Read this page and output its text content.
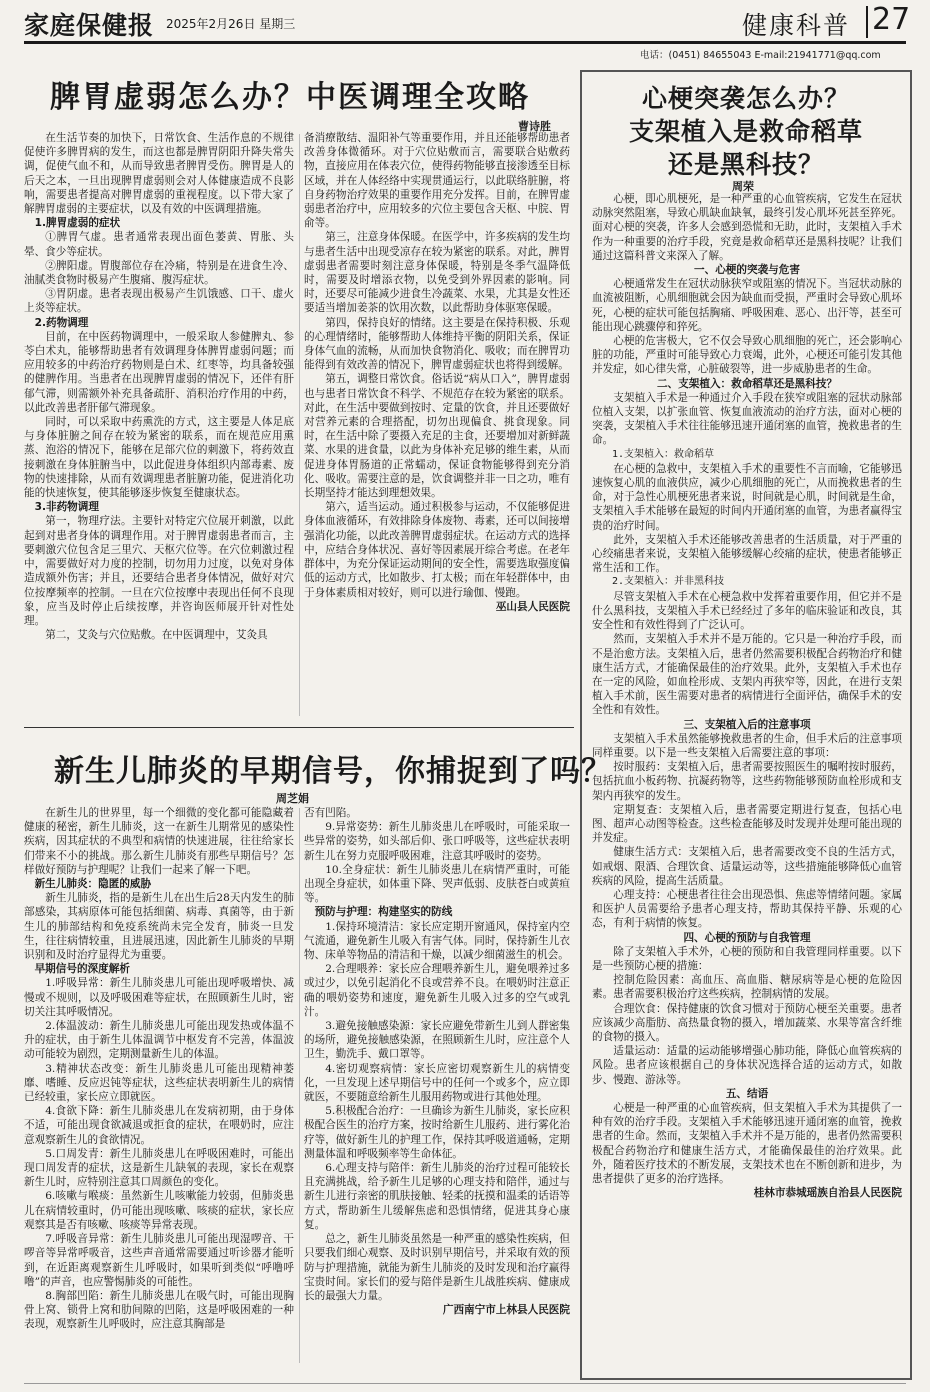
家庭保健报 2025年2月26日 星期三	健康科普 27
电话：(0451) 84655043 E-mail:21941771@qq.com
脾胃虚弱怎么办？中医调理全攻略
曹诗胜

在生活节奏的加快下，日常饮食、生活作息的不规律促使许多脾胃病的发生，而这也都是脾胃阴阳升降失常失调，促使气血不和，从而导致患者脾胃受伤。脾胃是人的后天之本，一旦出现脾胃虚弱则会对人体健康造成不良影响，需要患者提高对脾胃虚弱的重视程度。以下带大家了解脾胃虚弱的主要症状，以及有效的中医调理措施。

1.脾胃虚弱的症状

①脾胃气虚。患者通常表现出面色萎黄、胃胀、头晕、食少等症状。

②脾阳虚。胃腹部位存在冷痛，特别是在进食生冷、油腻类食物时极易产生腹痛、腹泻症状。

③胃阴虚。患者表现出极易产生饥饿感、口干、虚火上炎等症状。

2.药物调理

目前，在中医药物调理中，一般采取人参健脾丸、参苓白术丸，能够帮助患者有效调理身体脾胃虚弱问题；而应用较多的中药治疗药物则是白术、红枣等，均具备较强的健脾作用。当患者在出现脾胃虚弱的情况下，还伴有肝郁气滞，则需额外补充具备疏肝、消积治疗作用的中药，以此改善患者肝郁气滞现象。

同时，可以采取中药熏洗的方式，这主要是人体足底与身体脏腑之间存在较为紧密的联系，而在规范应用熏蒸、泡浴的情况下，能够在足部穴位的刺激下，将药效直接刺激在身体脏腑当中，以此促进身体组织内部毒素、废物的快速排除，从而有效调理患者脏腑功能，促进消化功能的快速恢复，使其能够逐步恢复至健康状态。

3.非药物调理

第一，物理疗法。主要针对特定穴位展开刺激，以此起到对患者身体的调理作用。对于脾胃虚弱患者而言，主要刺激穴位包含足三里穴、天枢穴位等。在穴位刺激过程中，需要做好对力度的控制，切勿用力过度，以免对身体造成额外伤害；并且，还要结合患者身体情况，做好对穴位按摩频率的控制。一旦在穴位按摩中表现出任何不良现象，应当及时停止后续按摩，并咨询医师展开针对性处理。

第二，艾灸与穴位贴敷。在中医调理中，艾灸具

备消療散结、温阳补气等重要作用，并且还能够帮助患者改善身体微循环。对于穴位贴敷而言，需要联合贴敷药物，直接应用在体表穴位，使得药物能够直接渗透至目标区域，并在人体经络中实现贯通运行，以此联络脏腑，将自身药物治疗效果的重要作用充分发挥。目前，在脾胃虚弱患者治疗中，应用较多的穴位主要包含天枢、中脘、胃俞等。

第三，注意身体保暖。在医学中，许多疾病的发生均与患者生活中出现受凉存在较为紧密的联系。对此，脾胃虚弱患者需要时刻注意身体保暖，特别是冬季气温降低时，需要及时增添衣物，以免受到外界因素的影响。同时，还要尽可能减少进食生冷蔬菜、水果，尤其是女性还要适当增加姜茶的饮用次数，以此帮助身体驱寒保暖。

第四，保持良好的情绪。这主要是在保持积极、乐观的心理情绪时，能够帮助人体维持平衡的阴阳关系，保证身体气血的流畅，从而加快食物消化、吸收；而在脾胃功能得到有效改善的情况下，脾胃虚弱症状也将得到缓解。

第五，调整日常饮食。俗话说“病从口入”，脾胃虚弱也与患者日常饮食不科学、不规范存在较为紧密的联系。对此，在生活中要做到按时、定量的饮食，并且还要做好对营养元素的合理搭配，切勿出现偏食、挑食现象。同时，在生活中除了要摄入充足的主食，还要增加对新鲜蔬菜、水果的进食量，以此为身体补充足够的维生素，从而促进身体胃肠道的正常蠕动，保证食物能够得到充分消化、吸收。需要注意的是，饮食调整并非一日之功，唯有长期坚持才能达到理想效果。

第六，适当运动。通过积极参与运动，不仅能够促进身体血液循环，有效排除身体废物、毒素，还可以间接增强消化功能，以此改善脾胃虚弱症状。在运动方式的选择中，应结合身体状况、喜好等因素展开综合考虑。在老年群体中，为充分保证运动期间的安全性，需要选取强度偏低的运动方式，比如散步、打太极；而在年轻群体中，由于身体素质相对较好，则可以进行瑜伽、慢跑。

巫山县人民医院
新生儿肺炎的早期信号，你捕捉到了吗？
周芝娟

在新生儿的世界里，每一个细微的变化都可能隐藏着健康的秘密，新生儿肺炎，这一在新生儿期常见的感染性疾病，因其症状的不典型和病情的快速进展，往往给家长们带来不小的挑战。那么新生儿肺炎有那些早期信号？怎样做好预防与护理呢？让我们一起来了解一下吧。

新生儿肺炎：隐匿的威胁

新生儿肺炎，指的是新生儿在出生后28天内发生的肺部感染，其病原体可能包括细菌、病毒、真菌等，由于新生儿的肺部结构和免疫系统尚未完全发育，肺炎一旦发生，往往病情较重，且进展迅速，因此新生儿肺炎的早期识别和及时治疗显得尤为重要。

早期信号的深度解析

1.呼吸异常：新生儿肺炎患儿可能出现呼吸增快、减慢或不规则，以及呼吸困难等症状，在照顾新生儿时，密切关注其呼吸情况。

2.体温波动：新生儿肺炎患儿可能出现发热或体温不升的症状，由于新生儿体温调节中枢发育不完善，体温波动可能较为剧烈，定期测量新生儿的体温。

3.精神状态改变：新生儿肺炎患儿可能出现精神萎靡、嗜睡、反应迟钝等症状，这些症状表明新生儿的病情已经较重，家长应立即就医。

4.食欲下降：新生儿肺炎患儿在发病初期，由于身体不适，可能出现食欲减退或拒食的症状，在喂奶时，应注意观察新生儿的食欲情况。

5.口周发青：新生儿肺炎患儿在呼吸困难时，可能出现口周发青的症状，这是新生儿缺氧的表现，家长在观察新生儿时，应特别注意其口周颜色的变化。

6.咳嗽与喉痰：虽然新生儿咳嗽能力较弱，但肺炎患儿在病情较重时，仍可能出现咳嗽、咳痰的症状，家长应观察其是否有咳嗽、咳痰等异常表现。

7.呼吸音异常：新生儿肺炎患儿可能出现湿啰音、干啰音等异常呼吸音，这些声音通常需要通过听诊器才能听到，在近距离观察新生儿呼吸时，如果听到类似“呼噜呼噜”的声音，也应警惕肺炎的可能性。

8.胸部凹陷：新生儿肺炎患儿在吸气时，可能出现胸骨上窝、锁骨上窝和肋间隙的凹陷，这是呼吸困难的一种表现，观察新生儿呼吸时，应注意其胸部是

否有凹陷。

9.异常姿势：新生儿肺炎患儿在呼吸时，可能采取一些异常的姿势，如头部后仰、张口呼吸等，这些症状表明新生儿在努力克服呼吸困难，注意其呼吸时的姿势。

10.全身症状：新生儿肺炎患儿在病情严重时，可能出现全身症状，如体重下降、哭声低弱、皮肤苍白或黄疸等。

预防与护理：构建坚实的防线

1.保持环境清洁：家长应定期开窗通风，保持室内空气流通，避免新生儿吸入有害气体。同时，保持新生儿衣物、床单等物品的清洁和干燥，以减少细菌滋生的机会。

2.合理喂养：家长应合理喂养新生儿，避免喂养过多或过少，以免引起消化不良或营养不良。在喂奶时注意正确的喂奶姿势和速度，避免新生儿吸入过多的空气或乳汁。

3.避免接触感染源：家长应避免带新生儿到人群密集的场所，避免接触感染源，在照顾新生儿时，应注意个人卫生，勤洗手、戴口罩等。

4.密切观察病情：家长应密切观察新生儿的病情变化，一旦发现上述早期信号中的任何一个或多个，应立即就医，不要随意给新生儿服用药物或进行其他处理。

5.积极配合治疗：一旦确诊为新生儿肺炎，家长应积极配合医生的治疗方案，按时给新生儿服药、进行雾化治疗等，做好新生儿的护理工作，保持其呼吸道通畅，定期测量体温和呼吸频率等生命体征。

6.心理支持与陪伴：新生儿肺炎的治疗过程可能较长且充满挑战，给予新生儿足够的心理支持和陪伴，通过与新生儿进行亲密的肌肤接触、轻柔的抚摸和温柔的话语等方式，帮助新生儿缓解焦虑和恐惧情绪，促进其身心康复。

总之，新生儿肺炎虽然是一种严重的感染性疾病，但只要我们细心观察、及时识别早期信号，并采取有效的预防与护理措施，就能为新生儿肺炎的及时发现和治疗赢得宝贵时间。家长们的爱与陪伴是新生儿战胜疾病、健康成长的最强大力量。

广西南宁市上林县人民医院
心梗突袭怎么办？
支架植入是救命稻草
还是黑科技？

心梗，即心肌梗死，是一种严重的心血管疾病，它发生在冠状动脉突然阻塞，导致心肌缺血缺氧，最终引发心肌坏死甚至猝死。面对心梗的突袭，许多人会感到恐慌和无助，此时，支架植入手术作为一种重要的治疗手段，究竟是救命稻草还是黑科技呢？让我们通过这篇科普文来深入了解。

一、心梗的突袭与危害

心梗通常发生在冠状动脉狭窄或阻塞的情况下。当冠状动脉的血流被阻断，心肌细胞就会因为缺血而受损，严重时会导致心肌坏死，心梗的症状可能包括胸痛、呼吸困难、恶心、出汗等，甚至可能出现心跳骤停和猝死。

心梗的危害极大，它不仅会导致心肌细胞的死亡，还会影响心脏的功能，严重时可能导致心力衰竭，此外，心梗还可能引发其他并发症，如心律失常，心脏破裂等，进一步威胁患者的生命。

二、支架植入：救命稻草还是黑科技？

支架植入手术是一种通过介入手段在狭窄或阻塞的冠状动脉部位植入支架，以扩张血管、恢复血液流动的治疗方法，面对心梗的突袭，支架植入手术往往能够迅速开通闭塞的血管，挽救患者的生命。

1.支架植入：救命稻草

在心梗的急救中，支架植入手术的重要性不言而喻，它能够迅速恢复心肌的血液供应，减少心肌细胞的死亡，从而挽救患者的生命，对于急性心肌梗死患者来说，时间就是心肌，时间就是生命，支架植入手术能够在最短的时间内开通闭塞的血管，为患者赢得宝贵的治疗时间。

此外，支架植入手术还能够改善患者的生活质量，对于严重的心绞痛患者来说，支架植入能够缓解心绞痛的症状，使患者能够正常生活和工作。

2.支架植入：并非黑科技

尽管支架植入手术在心梗急救中发挥着重要作用，但它并不是什么黑科技，支架植入手术已经经过了多年的临床验证和改良，其安全性和有效性得到了广泛认可。

然而，支架植入手术并不是万能的。它只是一种治疗手段，而不是治愈方法。支架植入后，患者仍然需要积极配合药物治疗和健康生活方式，才能确保最佳的治疗效果。此外，支架植入手术也存在一定的风险，如血栓形成、支架内再狭窄等，因此，在进行支架植入手术前，医生需要对患者的病情进行全面评估，确保手术的安全性和有效性。

三、支架植入后的注意事项

支架植入手术虽然能够挽救患者的生命，但手术后的注意事项同样重要。以下是一些支架植入后需要注意的事项：

按时服药：支架植入后，患者需要按照医生的嘱咐按时服药，包括抗血小板药物、抗凝药物等，这些药物能够预防血栓形成和支架内再狭窄的发生。

定期复查：支架植入后，患者需要定期进行复查，包括心电图、超声心动图等检查。这些检查能够及时发现并处理可能出现的并发症。

健康生活方式：支架植入后，患者需要改变不良的生活方式，如戒烟、限酒、合理饮食、适量运动等，这些措施能够降低心血管疾病的风险，提高生活质量。

心理支持：心梗患者往往会出现恐惧、焦虑等情绪问题。家属和医护人员需要给予患者心理支持，帮助其保持平静、乐观的心态，有利于病情的恢复。

四、心梗的预防与自我管理

除了支架植入手术外，心梗的预防和自我管理同样重要。以下是一些预防心梗的措施：

控制危险因素：高血压、高血脂、糖尿病等是心梗的危险因素。患者需要积极治疗这些疾病，控制病情的发展。

合理饮食：保持健康的饮食习惯对于预防心梗至关重要。患者应该减少高脂肪、高热量食物的摄入，增加蔬菜、水果等富含纤维的食物的摄入。

适量运动：适量的运动能够增强心肺功能，降低心血管疾病的风险。患者应该根据自己的身体状况选择合适的运动方式，如散步、慢跑、游泳等。

五、结语

心梗是一种严重的心血管疾病，但支架植入手术为其提供了一种有效的治疗手段。支架植入手术能够迅速开通闭塞的血管，挽救患者的生命。然而，支架植入手术并不是万能的，患者仍然需要积极配合药物治疗和健康生活方式，才能确保最佳的治疗效果。此外，随着医疗技术的不断发展，支架技术也在不断创新和进步，为患者提供了更多的治疗选择。

桂林市恭城瑶族自治县人民医院
周荣
